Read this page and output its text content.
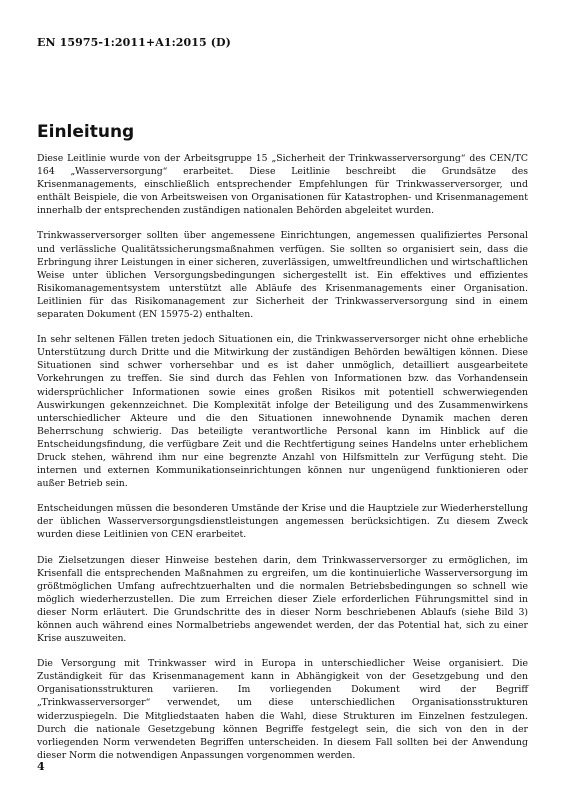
EN 15975-1:2011+A1:2015 (D)
Einleitung

Diese Leitlinie wurde von der Arbeitsgruppe 15 „Sicherheit der Trinkwasserversorgung“ des CEN/TC 164 „Wasserversorgung“ erarbeitet. Diese Leitlinie beschreibt die Grundsätze des Krisenmanagements, einschließlich entsprechender Empfehlungen für Trinkwasserversorger, und enthält Beispiele, die von Arbeitsweisen von Organisationen für Katastrophen- und Krisenmanagement innerhalb der entsprechenden zuständigen nationalen Behörden abgeleitet wurden.

Trinkwasserversorger sollten über angemessene Einrichtungen, angemessen qualifiziertes Personal und verlässliche Qualitätssicherungsmaßnahmen verfügen. Sie sollten so organisiert sein, dass die Erbringung ihrer Leistungen in einer sicheren, zuverlässigen, umweltfreundlichen und wirtschaftlichen Weise unter üblichen Versorgungsbedingungen sichergestellt ist. Ein effektives und effizientes Risikomanagementsystem unterstützt alle Abläufe des Krisenmanagements einer Organisation. Leitlinien für das Risikomanagement zur Sicherheit der Trinkwasserversorgung sind in einem separaten Dokument (EN 15975-2) enthalten.

In sehr seltenen Fällen treten jedoch Situationen ein, die Trinkwasserversorger nicht ohne erhebliche Unterstützung durch Dritte und die Mitwirkung der zuständigen Behörden bewältigen können. Diese Situationen sind schwer vorhersehbar und es ist daher unmöglich, detailliert ausgearbeitete Vorkehrungen zu treffen. Sie sind durch das Fehlen von Informationen bzw. das Vorhandensein widersprüchlicher Informationen sowie eines großen Risikos mit potentiell schwerwiegenden Auswirkungen gekennzeichnet. Die Komplexität infolge der Beteiligung und des Zusammenwirkens unterschiedlicher Akteure und die den Situationen innewohnende Dynamik machen deren Beherrschung schwierig. Das beteiligte verantwortliche Personal kann im Hinblick auf die Entscheidungsfindung, die verfügbare Zeit und die Rechtfertigung seines Handelns unter erheblichem Druck stehen, während ihm nur eine begrenzte Anzahl von Hilfsmitteln zur Verfügung steht. Die internen und externen Kommunikationseinrichtungen können nur ungenügend funktionieren oder außer Betrieb sein.

Entscheidungen müssen die besonderen Umstände der Krise und die Hauptziele zur Wiederherstellung der üblichen Wasserversorgungsdienstleistungen angemessen berücksichtigen. Zu diesem Zweck wurden diese Leitlinien von CEN erarbeitet.

Die Zielsetzungen dieser Hinweise bestehen darin, dem Trinkwasserversorger zu ermöglichen, im Krisenfall die entsprechenden Maßnahmen zu ergreifen, um die kontinuierliche Wasserversorgung im größtmöglichen Umfang aufrechtzuerhalten und die normalen Betriebsbedingungen so schnell wie möglich wiederherzustellen. Die zum Erreichen dieser Ziele erforderlichen Führungsmittel sind in dieser Norm erläutert. Die Grundschritte des in dieser Norm beschriebenen Ablaufs (siehe Bild 3) können auch während eines Normalbetriebs angewendet werden, der das Potential hat, sich zu einer Krise auszuweiten.

Die Versorgung mit Trinkwasser wird in Europa in unterschiedlicher Weise organisiert. Die Zuständigkeit für das Krisenmanagement kann in Abhängigkeit von der Gesetzgebung und den Organisationsstrukturen variieren. Im vorliegenden Dokument wird der Begriff „Trinkwasserversorger“ verwendet, um diese unterschiedlichen Organisationsstrukturen widerzuspiegeln. Die Mitgliedstaaten haben die Wahl, diese Strukturen im Einzelnen festzulegen. Durch die nationale Gesetzgebung können Begriffe festgelegt sein, die sich von den in der vorliegenden Norm verwendeten Begriffen unterscheiden. In diesem Fall sollten bei der Anwendung dieser Norm die notwendigen Anpassungen vorgenommen werden.

4
